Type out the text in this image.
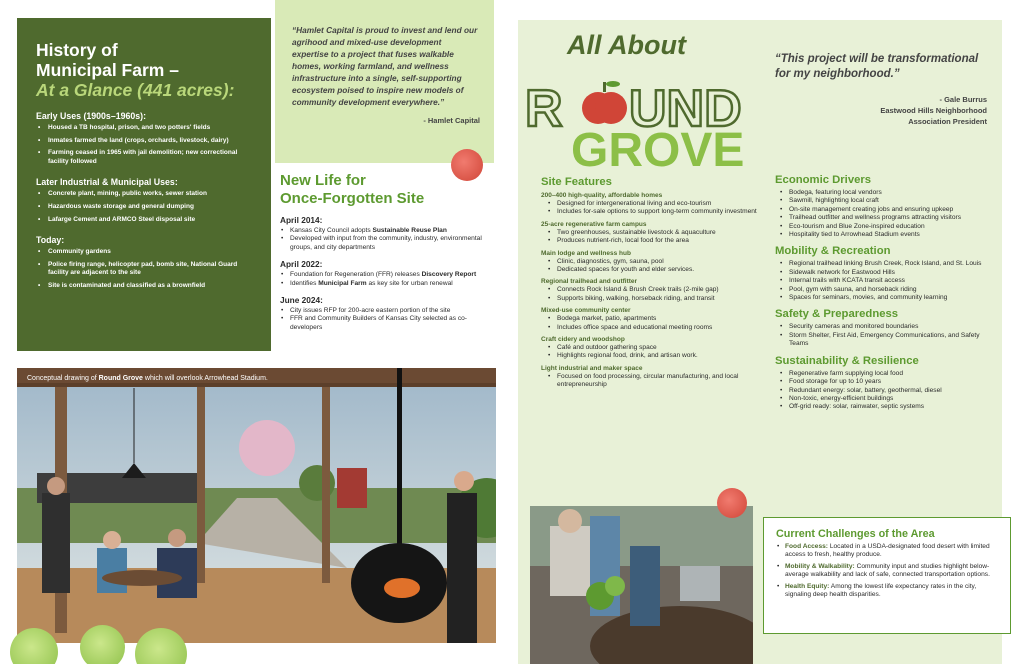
History of
Municipal Farm –
At a Glance (441 acres):
Early Uses (1900s–1960s):
• Housed a TB hospital, prison, and two potters' fields
• Inmates farmed the land (crops, orchards, livestock, dairy)
• Farming ceased in 1965 with jail demolition; new correctional facility followed
Later Industrial & Municipal Uses:
• Concrete plant, mining, public works, sewer station
• Hazardous waste storage and general dumping
• Lafarge Cement and ARMCO Steel disposal site
Today:
• Community gardens
• Police firing range, helicopter pad, bomb site, National Guard facility are adjacent to the site
• Site is contaminated and classified as a brownfield

“Hamlet Capital is proud to invest and lend our agrihood and mixed-use development expertise to a project that fuses walkable homes, working farmland, and wellness infrastructure into a single, self-supporting ecosystem poised to inspire new models of community development everywhere.”

- Hamlet Capital

New Life for
Once-Forgotten Site
April 2014:
• Kansas City Council adopts Sustainable Reuse Plan
• Developed with input from the community, industry, environmental groups, and city departments
April 2022:
• Foundation for Regeneration (FFR) releases Discovery Report
• Identifies Municipal Farm as key site for urban renewal
June 2024:
• City issues RFP for 200-acre eastern portion of the site
• FFR and Community Builders of Kansas City selected as co-developers
Conceptual drawing of Round Grove which will overlook Arrowhead Stadium.
All About
R UND
GROVE

“This project will be transformational for my neighborhood.”

- Gale Burrus
Eastwood Hills Neighborhood
Association President

Site Features
200–400 high-quality, affordable homes
• Designed for intergenerational living and eco-tourism
• Includes for-sale options to support long-term community investment
25-acre regenerative farm campus
• Two greenhouses, sustainable livestock & aquaculture
• Produces nutrient-rich, local food for the area
Main lodge and wellness hub
• Clinic, diagnostics, gym, sauna, pool
• Dedicated spaces for youth and elder services.
Regional trailhead and outfitter
• Connects Rock Island & Brush Creek trails (2-mile gap)
• Supports biking, walking, horseback riding, and transit
Mixed-use community center
• Bodega market, patio, apartments
• Includes office space and educational meeting rooms
Craft cidery and woodshop
• Café and outdoor gathering space
• Highlights regional food, drink, and artisan work.
Light industrial and maker space
• Focused on food processing, circular manufacturing, and local entrepreneurship
Economic Drivers
• Bodega, featuring local vendors
• Sawmill, highlighting local craft
• On-site management creating jobs and ensuring upkeep
• Trailhead outfitter and wellness programs attracting visitors
• Eco-tourism and Blue Zone-inspired education
• Hospitality tied to Arrowhead Stadium events
Mobility & Recreation
• Regional trailhead linking Brush Creek, Rock Island, and St. Louis
• Sidewalk network for Eastwood Hills
• Internal trails with KCATA transit access
• Pool, gym with sauna, and horseback riding
• Spaces for seminars, movies, and community learning
Safety & Preparedness
• Security cameras and monitored boundaries
• Storm Shelter, First Aid, Emergency Communications, and Safety Teams
Sustainability & Resilience
• Regenerative farm supplying local food
• Food storage for up to 10 years
• Redundant energy: solar, battery, geothermal, diesel
• Non-toxic, energy-efficient buildings
• Off-grid ready: solar, rainwater, septic systems
Current Challenges of the Area
• Food Access: Located in a USDA-designated food desert with limited access to fresh, healthy produce.
• Mobility & Walkability: Community input and studies highlight below-average walkability and lack of safe, connected transportation options.
• Health Equity: Among the lowest life expectancy rates in the city, signaling deep health disparities.
